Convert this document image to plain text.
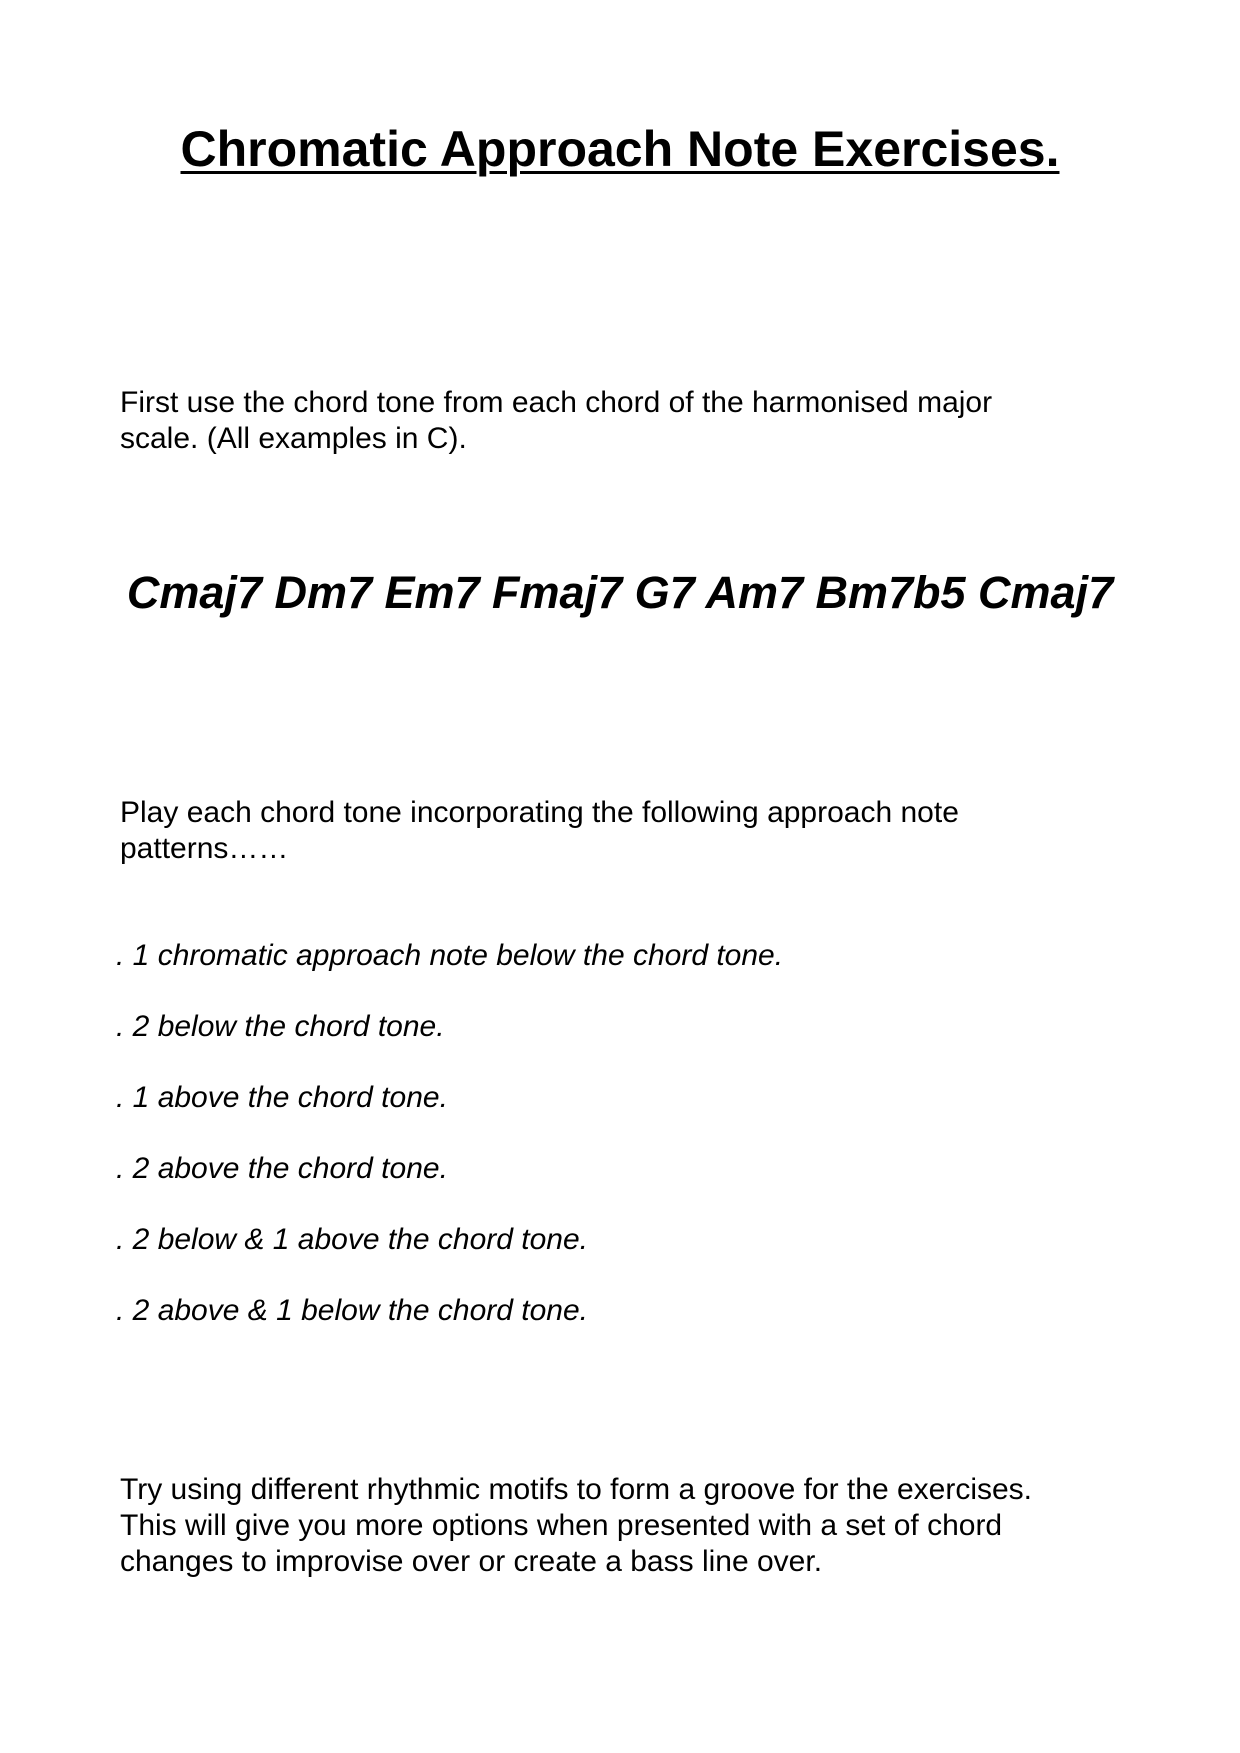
Chromatic Approach Note Exercises.

First use the chord tone from each chord of the harmonised major
scale. (All examples in C).

Cmaj7 Dm7 Em7 Fmaj7 G7 Am7 Bm7b5 Cmaj7

Play each chord tone incorporating the following approach note
patterns……

. 1 chromatic approach note below the chord tone.
. 2 below the chord tone.
. 1 above the chord tone.
. 2 above the chord tone.
. 2 below & 1 above the chord tone.
. 2 above & 1 below the chord tone.

Try using different rhythmic motifs to form a groove for the exercises.
This will give you more options when presented with a set of chord
changes to improvise over or create a bass line over.
